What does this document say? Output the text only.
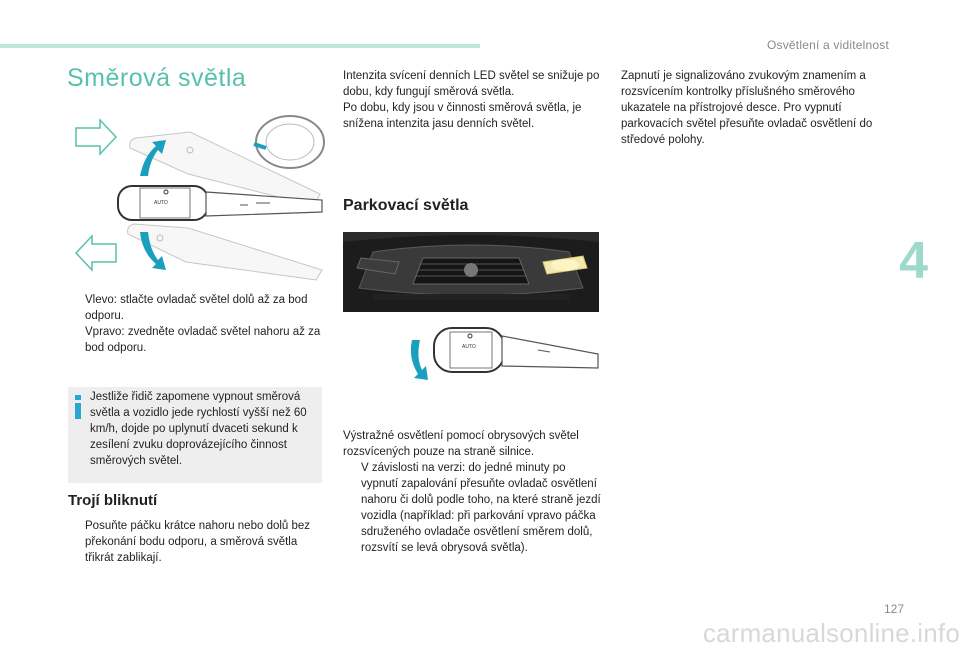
Osvětlení a viditelnost
4
Směrová světla
AUTO
Vlevo: stlačte ovladač světel dolů až za bod odporu.
Vpravo: zvedněte ovladač světel nahoru až za bod odporu.
Jestliže řidič zapomene vypnout směrová světla a vozidlo jede rychlostí vyšší než 60 km/h, dojde po uplynutí dvaceti sekund k zesílení zvuku doprovázejícího činnost směrových světel.
Trojí bliknutí
Posuňte páčku krátce nahoru nebo dolů bez překonání bodu odporu, a směrová světla třikrát zablikají.

Intenzita svícení denních LED světel se snižuje po dobu, kdy fungují směrová světla.

Po dobu, kdy jsou v činnosti směrová světla, je snížena intenzita jasu denních světel.

Parkovací světla
AUTO

Výstražné osvětlení pomocí obrysových světel rozsvícených pouze na straně silnice.

V závislosti na verzi: do jedné minuty po vypnutí zapalování přesuňte ovladač osvětlení nahoru či dolů podle toho, na které straně jezdí vozidla (například: při parkování vpravo páčka sdruženého ovladače osvětlení směrem dolů, rozsvítí se levá obrysová světla).

Zapnutí je signalizováno zvukovým znamením a rozsvícením kontrolky příslušného směrového ukazatele na přístrojové desce. Pro vypnutí parkovacích světel přesuňte ovladač osvětlení do středové polohy.

127
carmanualsonline.info
